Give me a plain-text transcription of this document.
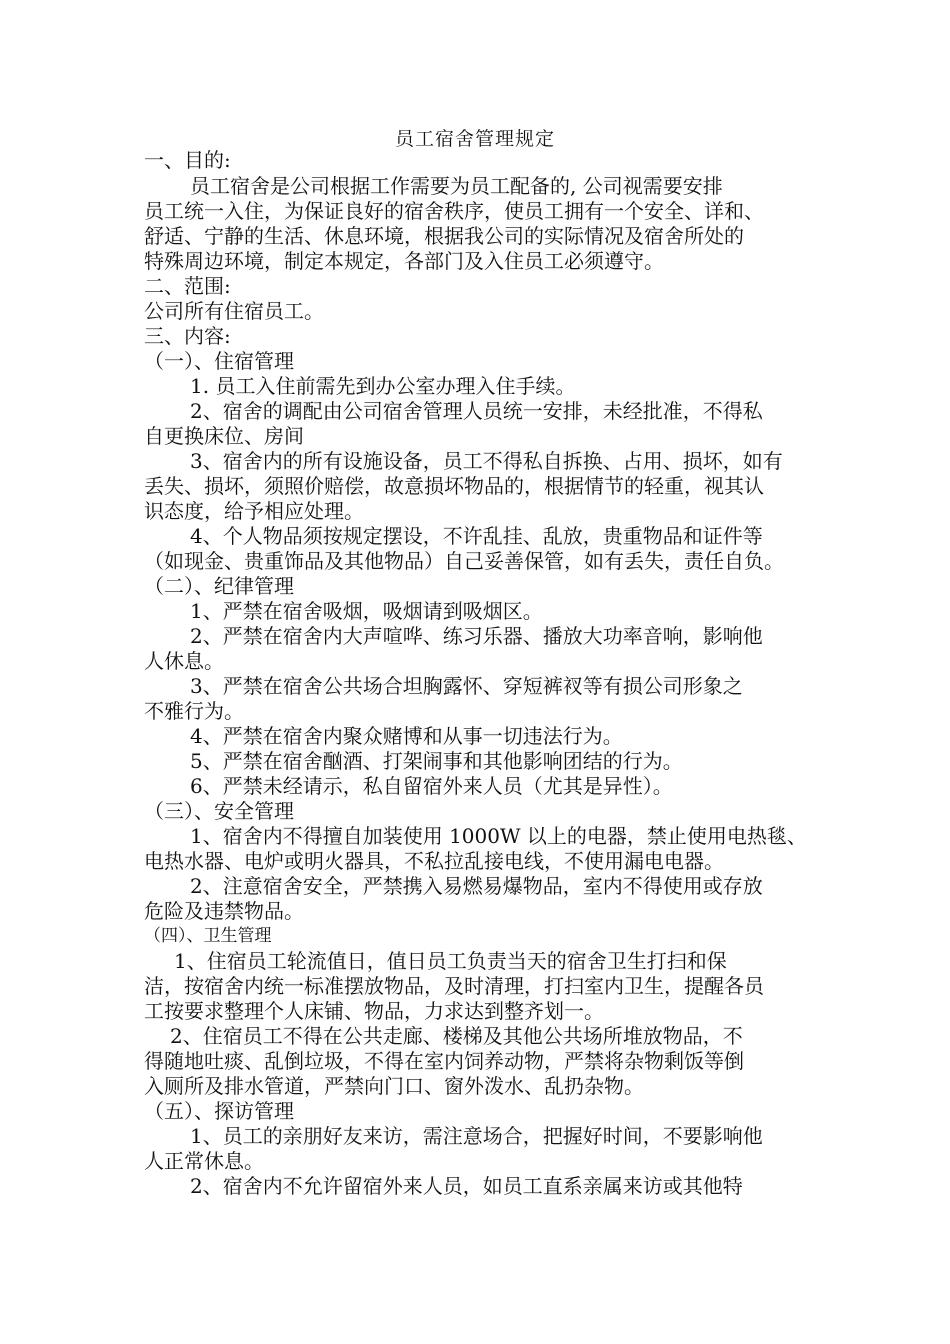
员工宿舍管理规定
一、目的:
员工宿舍是公司根据工作需要为员工配备的, 公司视需要安排
员工统一入住，为保证良好的宿舍秩序，使员工拥有一个安全、详和、
舒适、宁静的生活、休息环境，根据我公司的实际情况及宿舍所处的
特殊周边环境，制定本规定，各部门及入住员工必须遵守。
二、范围:
公司所有住宿员工。
三、内容:
（一）、住宿管理
1. 员工入住前需先到办公室办理入住手续。
2、宿舍的调配由公司宿舍管理人员统一安排，未经批准，不得私
自更换床位、房间
3、宿舍内的所有设施设备，员工不得私自拆换、占用、损坏，如有
丢失、损坏，须照价赔偿，故意损坏物品的，根据情节的轻重，视其认
识态度，给予相应处理。
4、个人物品须按规定摆设，不许乱挂、乱放，贵重物品和证件等
（如现金、贵重饰品及其他物品）自己妥善保管，如有丢失，责任自负。
（二）、纪律管理
1、严禁在宿舍吸烟，吸烟请到吸烟区。
2、严禁在宿舍内大声喧哗、练习乐器、播放大功率音响，影响他
人休息。
3、严禁在宿舍公共场合坦胸露怀、穿短裤衩等有损公司形象之
不雅行为。
4、严禁在宿舍内聚众赌博和从事一切违法行为。
5、严禁在宿舍酗酒、打架闹事和其他影响团结的行为。
6、严禁未经请示，私自留宿外来人员（尤其是异性）。
（三）、安全管理
1、宿舍内不得擅自加装使用 1000W 以上的电器，禁止使用电热毯、
电热水器、电炉或明火器具，不私拉乱接电线，不使用漏电电器。
2、注意宿舍安全，严禁携入易燃易爆物品，室内不得使用或存放
危险及违禁物品。
（四）、卫生管理
1、住宿员工轮流值日，值日员工负责当天的宿舍卫生打扫和保
洁，按宿舍内统一标准摆放物品，及时清理，打扫室内卫生，提醒各员
工按要求整理个人床铺、物品，力求达到整齐划一。
2、住宿员工不得在公共走廊、楼梯及其他公共场所堆放物品，不
得随地吐痰、乱倒垃圾，不得在室内饲养动物，严禁将杂物剩饭等倒
入厕所及排水管道，严禁向门口、窗外泼水、乱扔杂物。
（五）、探访管理
1、员工的亲朋好友来访，需注意场合，把握好时间，不要影响他
人正常休息。
2、宿舍内不允许留宿外来人员，如员工直系亲属来访或其他特
